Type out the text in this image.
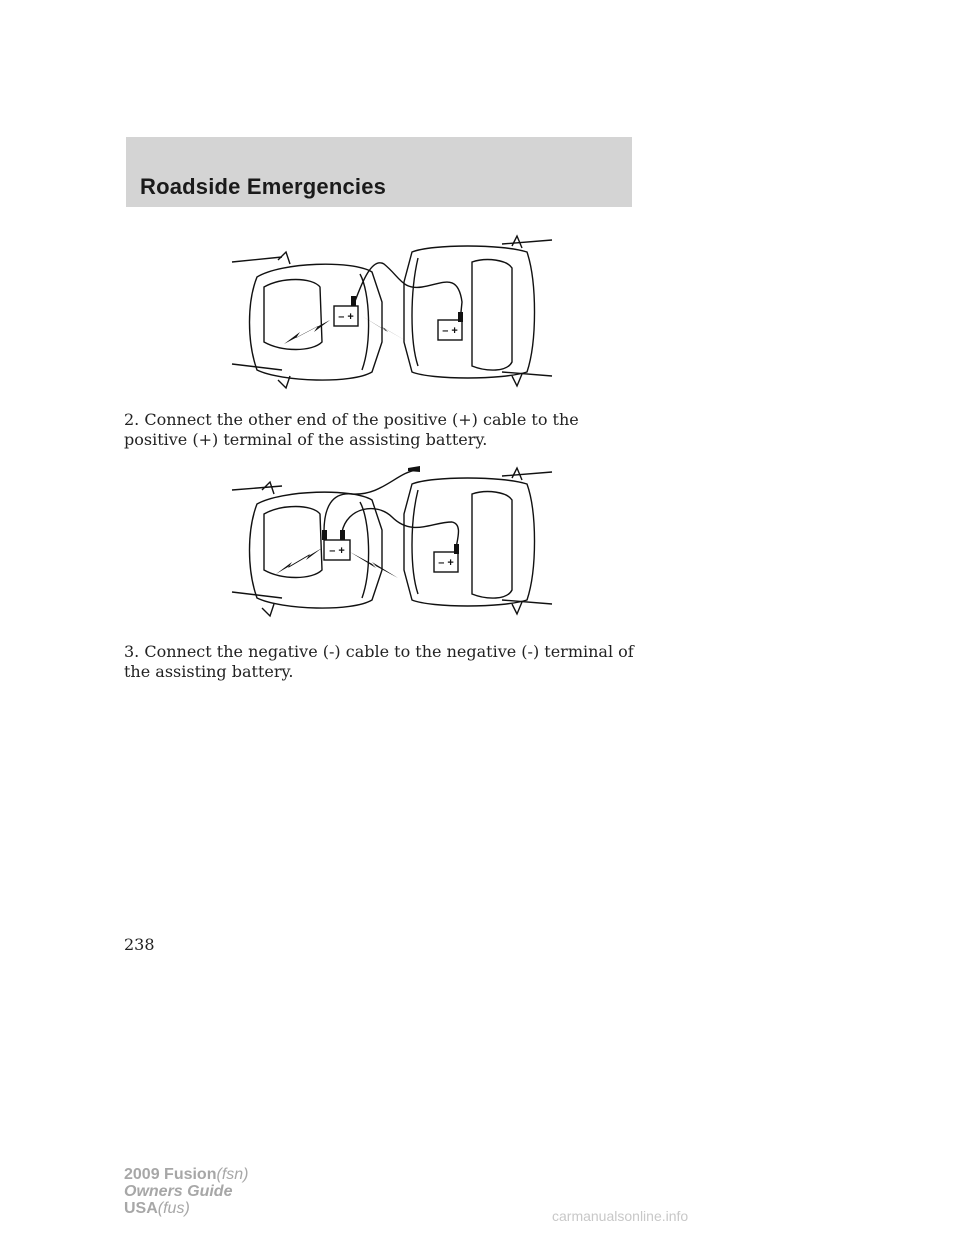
Roadside Emergencies
– +
– +
2. Connect the other end of the positive (+) cable to the positive (+) terminal of the assisting battery.
– +
– +
3. Connect the negative (-) cable to the negative (-) terminal of the assisting battery.
238
2009 Fusion(fsn)
Owners Guide
USA(fus)	carmanualsonline.info
